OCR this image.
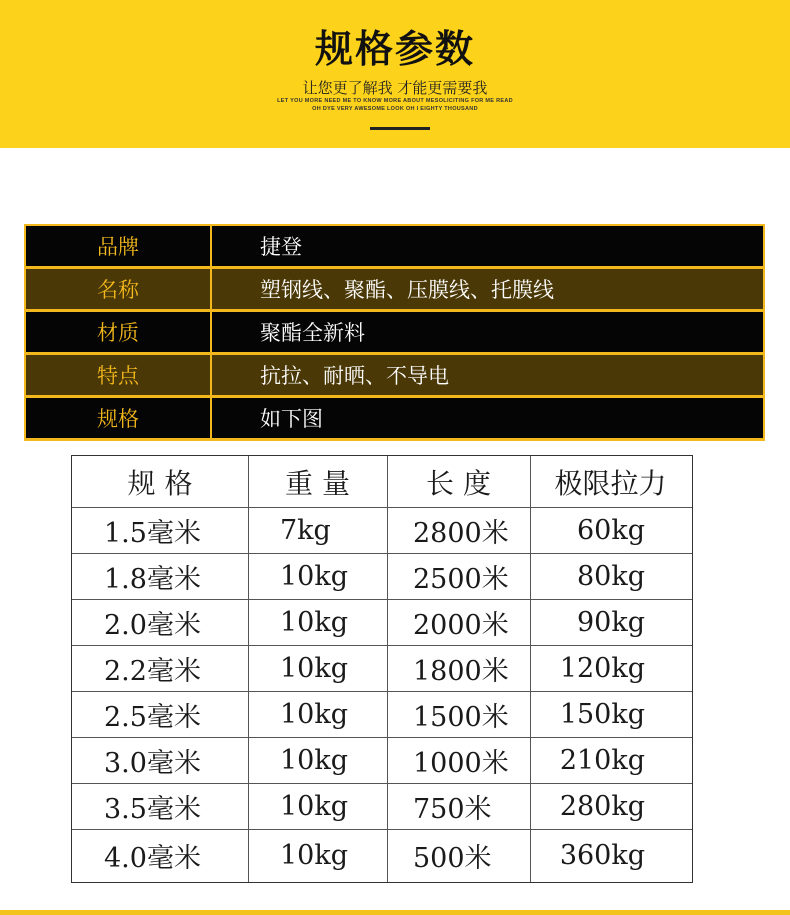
规格参数
让您更了解我 才能更需要我
LET YOU MORE NEED ME TO KNOW MORE ABOUT MESOLICITING FOR ME READ
OH DYE VERY AWESOME LOOK OH I EIGHTY THOUSAND
品牌	捷登
名称	塑钢线、聚酯、压膜线、托膜线
材质	聚酯全新料
特点	抗拉、耐晒、不导电
规格	如下图
规 格	重 量	长 度	极限拉力
1.5毫米	7kg	2800米	60kg
1.8毫米	10kg	2500米	80kg
2.0毫米	10kg	2000米	90kg
2.2毫米	10kg	1800米	120kg
2.5毫米	10kg	1500米	150kg
3.0毫米	10kg	1000米	210kg
3.5毫米	10kg	750米	280kg
4.0毫米	10kg	500米	360kg
